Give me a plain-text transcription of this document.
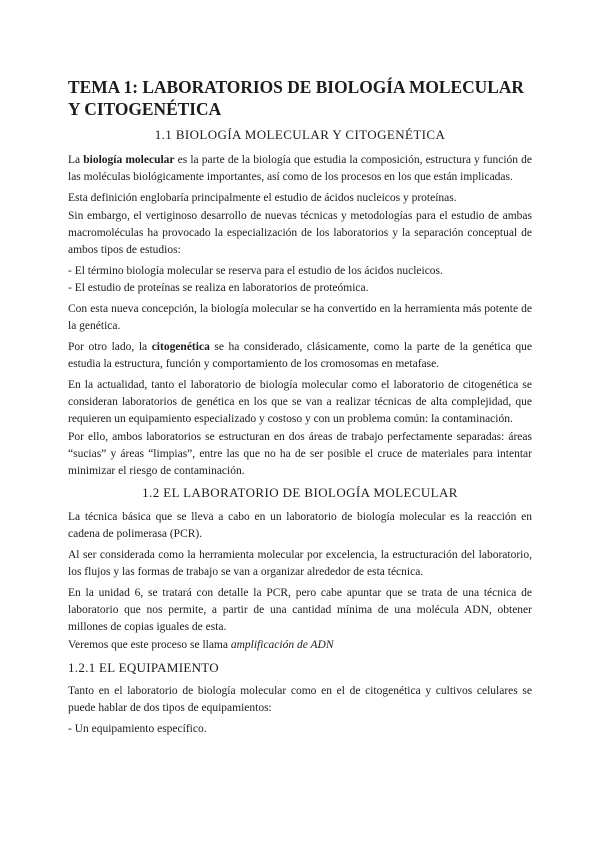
TEMA 1: LABORATORIOS DE BIOLOGÍA MOLECULAR Y CITOGENÉTICA
1.1 BIOLOGÍA MOLECULAR Y CITOGENÉTICA

La biología molecular es la parte de la biología que estudia la composición, estructura y función de las moléculas biológicamente importantes, así como de los procesos en los que están implicadas.

Esta definición englobaría principalmente el estudio de ácidos nucleicos y proteínas.

Sin embargo, el vertiginoso desarrollo de nuevas técnicas y metodologías para el estudio de ambas macromoléculas ha provocado la especialización de los laboratorios y la separación conceptual de ambos tipos de estudios:

- El término biología molecular se reserva para el estudio de los ácidos nucleicos.

- El estudio de proteínas se realiza en laboratorios de proteómica.

Con esta nueva concepción, la biología molecular se ha convertido en la herramienta más potente de la genética.

Por otro lado, la citogenética se ha considerado, clásicamente, como la parte de la genética que estudia la estructura, función y comportamiento de los cromosomas en metafase.

En la actualidad, tanto el laboratorio de biología molecular como el laboratorio de citogenética se consideran laboratorios de genética en los que se van a realizar técnicas de alta complejidad, que requieren un equipamiento especializado y costoso y con un problema común: la contaminación.

Por ello, ambos laboratorios se estructuran en dos áreas de trabajo perfectamente separadas: áreas “sucias” y áreas “limpias”, entre las que no ha de ser posible el cruce de materiales para intentar minimizar el riesgo de contaminación.

1.2 EL LABORATORIO DE BIOLOGÍA MOLECULAR

La técnica básica que se lleva a cabo en un laboratorio de biología molecular es la reacción en cadena de polimerasa (PCR).

Al ser considerada como la herramienta molecular por excelencia, la estructuración del laboratorio, los flujos y las formas de trabajo se van a organizar alrededor de esta técnica.

En la unidad 6, se tratará con detalle la PCR, pero cabe apuntar que se trata de una técnica de laboratorio que nos permite, a partir de una cantidad mínima de una molécula ADN, obtener millones de copias iguales de esta.

Veremos que este proceso se llama amplificación de ADN

1.2.1 EL EQUIPAMIENTO

Tanto en el laboratorio de biología molecular como en el de citogenética y cultivos celulares se puede hablar de dos tipos de equipamientos:

- Un equipamiento específico.
